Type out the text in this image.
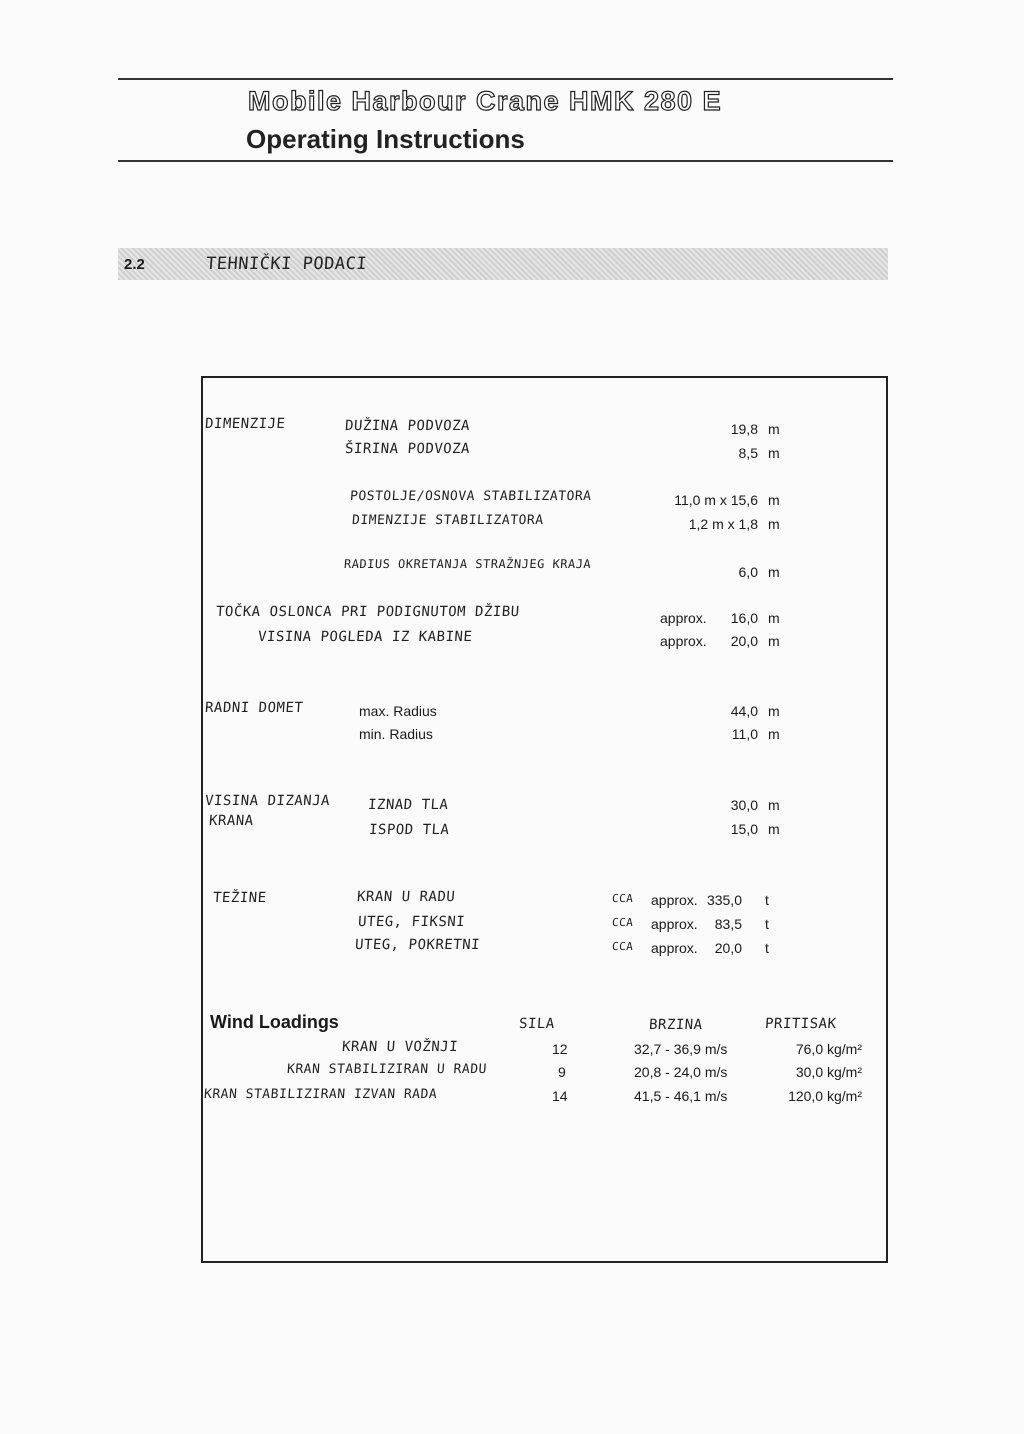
Mobile Harbour Crane HMK 280 E
Operating Instructions
2.2	TEHNIČKI PODACI
DIMENZIJE	DUŽINA PODVOZA	19,8 m
ŠIRINA PODVOZA	8,5 m
POSTOLJE/OSNOVA STABILIZATORA	11,0 m x 15,6 m
DIMENZIJE STABILIZATORA	1,2 m x 1,8 m
RADIUS OKRETANJA STRAŽNJEG KRAJA	6,0 m
TOČKA OSLONCA PRI PODIGNUTOM DŽIBU	approx. 16,0 m
VISINA POGLEDA IZ KABINE	approx. 20,0 m
RADNI DOMET	max. Radius	44,0 m
min. Radius	11,0 m
VISINA DIZANJA
KRANA
IZNAD TLA	30,0 m
ISPOD TLA	15,0 m
TEŽINE	KRAN U RADU	CCA approx. 335,0 t
UTEG, FIKSNI	CCA approx. 83,5 t
UTEG, POKRETNI	CCA approx. 20,0 t
Wind Loadings	SILA	BRZINA	PRITISAK
KRAN U VOŽNJI	12	32,7 - 36,9 m/s	76,0 kg/m²
KRAN STABILIZIRAN U RADU	9	20,8 - 24,0 m/s	30,0 kg/m²
KRAN STABILIZIRAN IZVAN RADA	14	41,5 - 46,1 m/s	120,0 kg/m²
